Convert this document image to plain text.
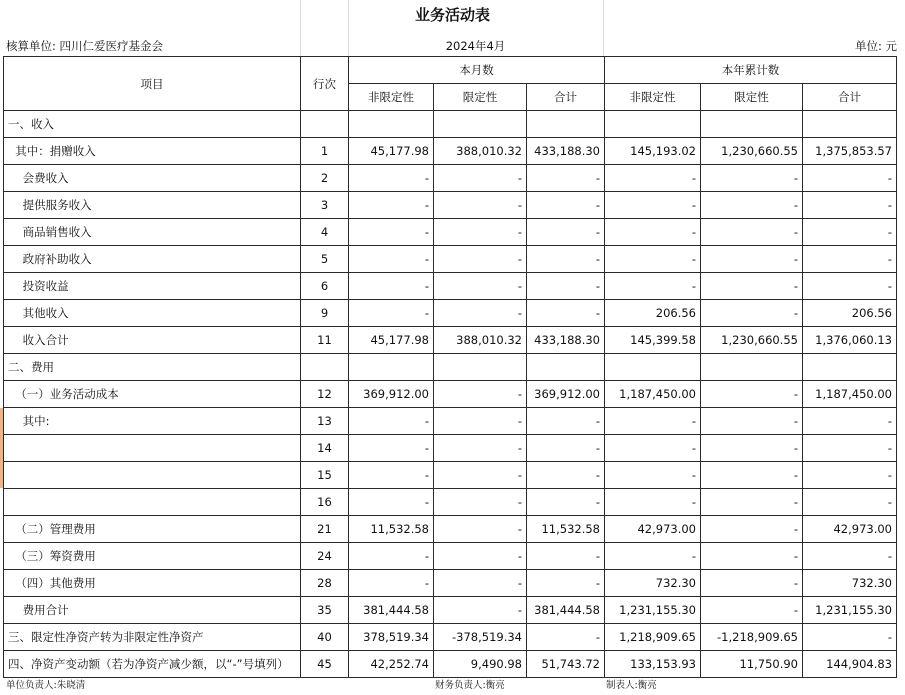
业务活动表
核算单位: 四川仁爱医疗基金会	2024年4月	单位: 元
项目	行次	本月数			本年累计数		
		非限定性	限定性	合计	非限定性	限定性	合计
一、收入							
其中：捐赠收入	1	45,177.98	388,010.32	433,188.30	145,193.02	1,230,660.55	1,375,853.57
会费收入	2	-	-	-	-	-	-
提供服务收入	3	-	-	-	-	-	-
商品销售收入	4	-	-	-	-	-	-
政府补助收入	5	-	-	-	-	-	-
投资收益	6	-	-	-	-	-	-
其他收入	9	-	-	-	206.56	-	206.56
收入合计	11	45,177.98	388,010.32	433,188.30	145,399.58	1,230,660.55	1,376,060.13
二、费用							
（一）业务活动成本	12	369,912.00	-	369,912.00	1,187,450.00	-	1,187,450.00
其中:	13	-	-	-	-	-	-
	14	-	-	-	-	-	-
	15	-	-	-	-	-	-
	16	-	-	-	-	-	-
（二）管理费用	21	11,532.58	-	11,532.58	42,973.00	-	42,973.00
（三）筹资费用	24	-	-	-	-	-	-
（四）其他费用	28	-	-	-	732.30	-	732.30
费用合计	35	381,444.58	-	381,444.58	1,231,155.30	-	1,231,155.30
三、限定性净资产转为非限定性净资产	40	378,519.34	-378,519.34	-	1,218,909.65	-1,218,909.65	-
四、净资产变动额（若为净资产减少额，以“-”号填列）	45	42,252.74	9,490.98	51,743.72	133,153.93	11,750.90	144,904.83
单位负责人:朱晓清	财务负责人:衡亮	制表人:衡亮
